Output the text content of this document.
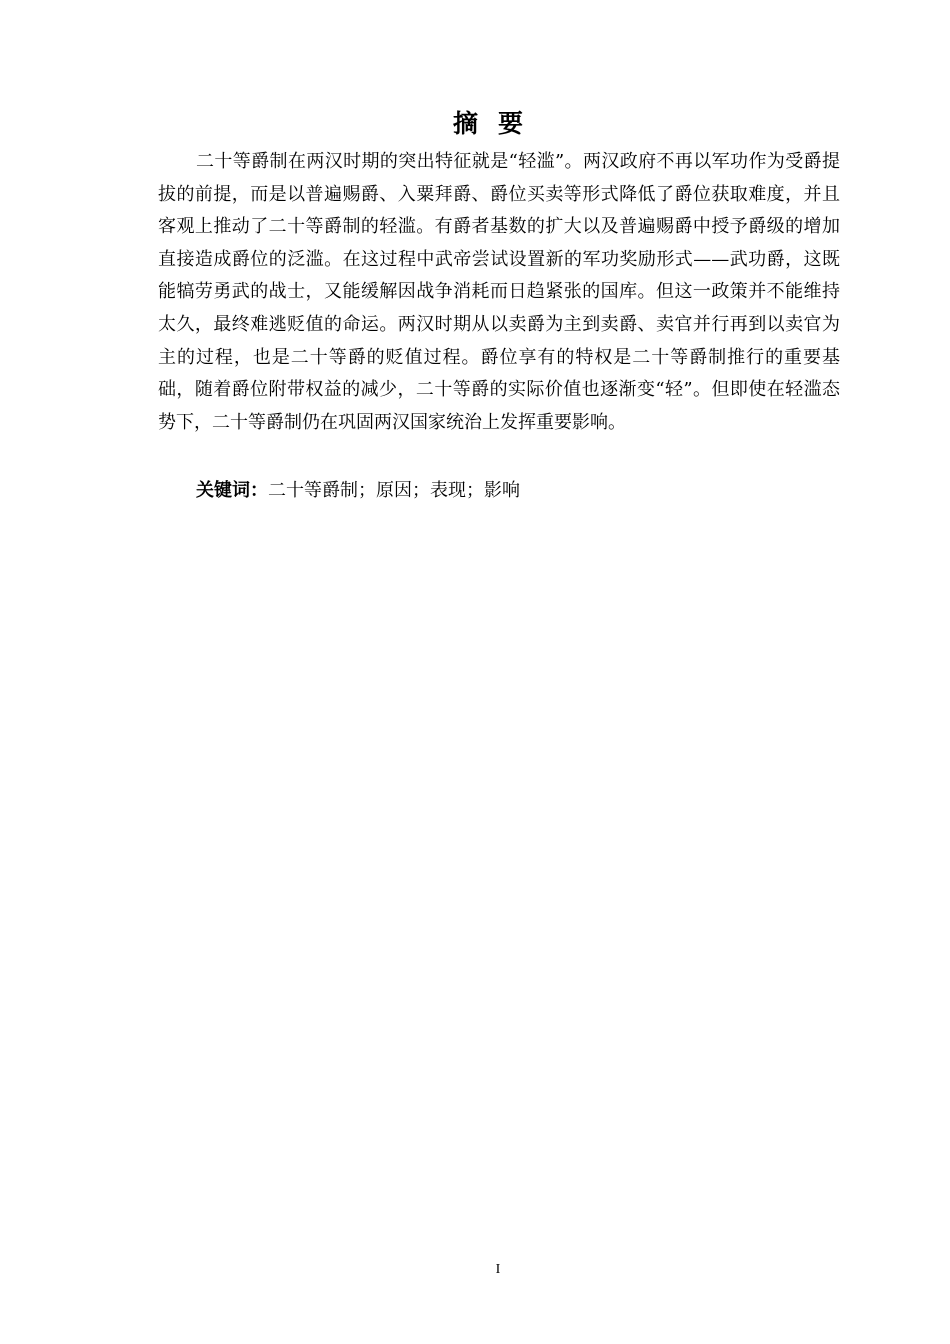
摘要

二十等爵制在两汉时期的突出特征就是“轻滥”。两汉政府不再以军功作为受爵提拔的前提，而是以普遍赐爵、入粟拜爵、爵位买卖等形式降低了爵位获取难度，并且客观上推动了二十等爵制的轻滥。有爵者基数的扩大以及普遍赐爵中授予爵级的增加直接造成爵位的泛滥。在这过程中武帝尝试设置新的军功奖励形式——武功爵，这既能犒劳勇武的战士，又能缓解因战争消耗而日趋紧张的国库。但这一政策并不能维持太久，最终难逃贬值的命运。两汉时期从以卖爵为主到卖爵、卖官并行再到以卖官为主的过程，也是二十等爵的贬值过程。爵位享有的特权是二十等爵制推行的重要基础，随着爵位附带权益的减少，二十等爵的实际价值也逐渐变“轻”。但即使在轻滥态势下，二十等爵制仍在巩固两汉国家统治上发挥重要影响。

关键词：二十等爵制；原因；表现；影响

I
